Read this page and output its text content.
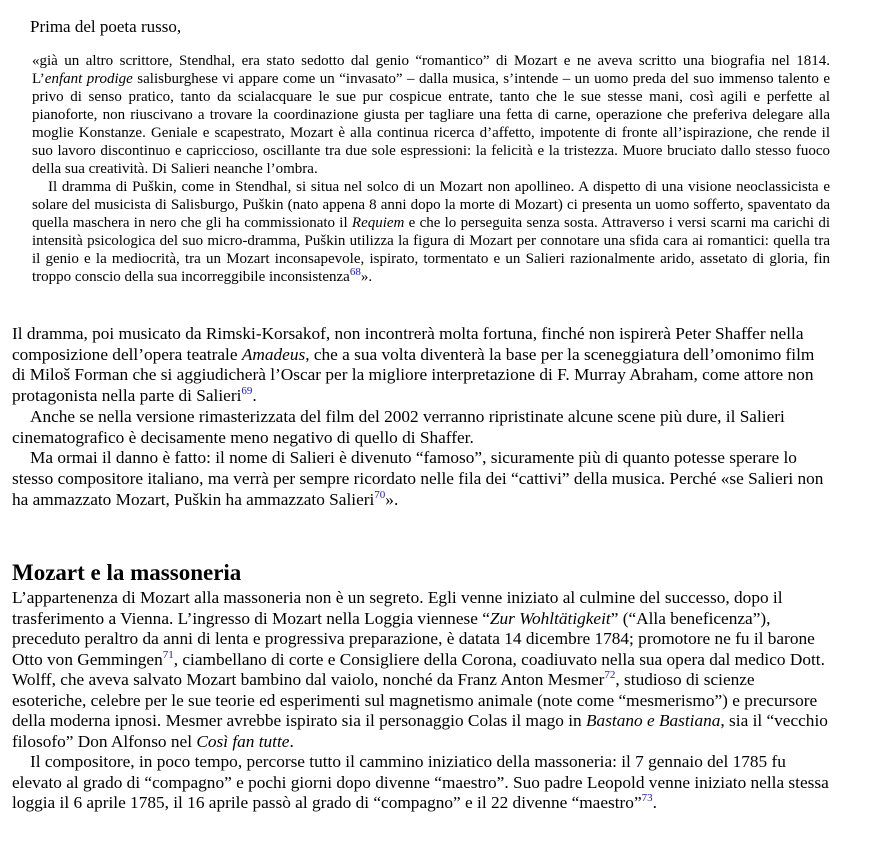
Prima del poeta russo,

«già un altro scrittore, Stendhal, era stato sedotto dal genio “romantico” di Mozart e ne aveva scritto una biografia nel 1814. L’enfant prodige salisburghese vi appare come un “invasato” – dalla musica, s’intende – un uomo preda del suo immenso talento e privo di senso pratico, tanto da scialacquare le sue pur cospicue entrate, tanto che le sue stesse mani, così agili e perfette al pianoforte, non riuscivano a trovare la coordinazione giusta per tagliare una fetta di carne, operazione che preferiva delegare alla moglie Konstanze. Geniale e scapestrato, Mozart è alla continua ricerca d’affetto, impotente di fronte all’ispirazione, che rende il suo lavoro discontinuo e capriccioso, oscillante tra due sole espressioni: la felicità e la tristezza. Muore bruciato dallo stesso fuoco della sua creatività. Di Salieri neanche l’ombra.

Il dramma di Puškin, come in Stendhal, si situa nel solco di un Mozart non apollineo. A dispetto di una visione neoclassicista e solare del musicista di Salisburgo, Puškin (nato appena 8 anni dopo la morte di Mozart) ci presenta un uomo sofferto, spaventato da quella maschera in nero che gli ha commissionato il Requiem e che lo perseguita senza sosta. Attraverso i versi scarni ma carichi di intensità psicologica del suo micro-dramma, Puškin utilizza la figura di Mozart per connotare una sfida cara ai romantici: quella tra il genio e la mediocrità, tra un Mozart inconsapevole, ispirato, tormentato e un Salieri razionalmente arido, assetato di gloria, fin troppo conscio della sua incorreggibile inconsistenza$^{68}$».

Il dramma, poi musicato da Rimski-Korsakof, non incontrerà molta fortuna, finché non ispirerà Peter Shaffer nella composizione dell’opera teatrale Amadeus, che a sua volta diventerà la base per la sceneggiatura dell’omonimo film di Miloš Forman che si aggiudicherà l’Oscar per la migliore interpretazione di F. Murray Abraham, come attore non protagonista nella parte di Salieri$^{69}$.

Anche se nella versione rimasterizzata del film del 2002 verranno ripristinate alcune scene più dure, il Salieri cinematografico è decisamente meno negativo di quello di Shaffer.

Ma ormai il danno è fatto: il nome di Salieri è divenuto “famoso”, sicuramente più di quanto potesse sperare lo stesso compositore italiano, ma verrà per sempre ricordato nelle fila dei “cattivi” della musica. Perché «se Salieri non ha ammazzato Mozart, Puškin ha ammazzato Salieri$^{70}$».

Mozart e la massoneria

L’appartenenza di Mozart alla massoneria non è un segreto. Egli venne iniziato al culmine del successo, dopo il trasferimento a Vienna. L’ingresso di Mozart nella Loggia viennese “Zur Wohltätigkeit” (“Alla beneficenza”), preceduto peraltro da anni di lenta e progressiva preparazione, è datata 14 dicembre 1784; promotore ne fu il barone Otto von Gemmingen$^{71}$, ciambellano di corte e Consigliere della Corona, coadiuvato nella sua opera dal medico Dott. Wolff, che aveva salvato Mozart bambino dal vaiolo, nonché da Franz Anton Mesmer$^{72}$, studioso di scienze esoteriche, celebre per le sue teorie ed esperimenti sul magnetismo animale (note come “mesmerismo”) e precursore della moderna ipnosi. Mesmer avrebbe ispirato sia il personaggio Colas il mago in Bastano e Bastiana, sia il “vecchio filosofo” Don Alfonso nel Così fan tutte.

Il compositore, in poco tempo, percorse tutto il cammino iniziatico della massoneria: il 7 gennaio del 1785 fu elevato al grado di “compagno” e pochi giorni dopo divenne “maestro”. Suo padre Leopold venne iniziato nella stessa loggia il 6 aprile 1785, il 16 aprile passò al grado di “compagno” e il 22 divenne “maestro”$^{73}$.
